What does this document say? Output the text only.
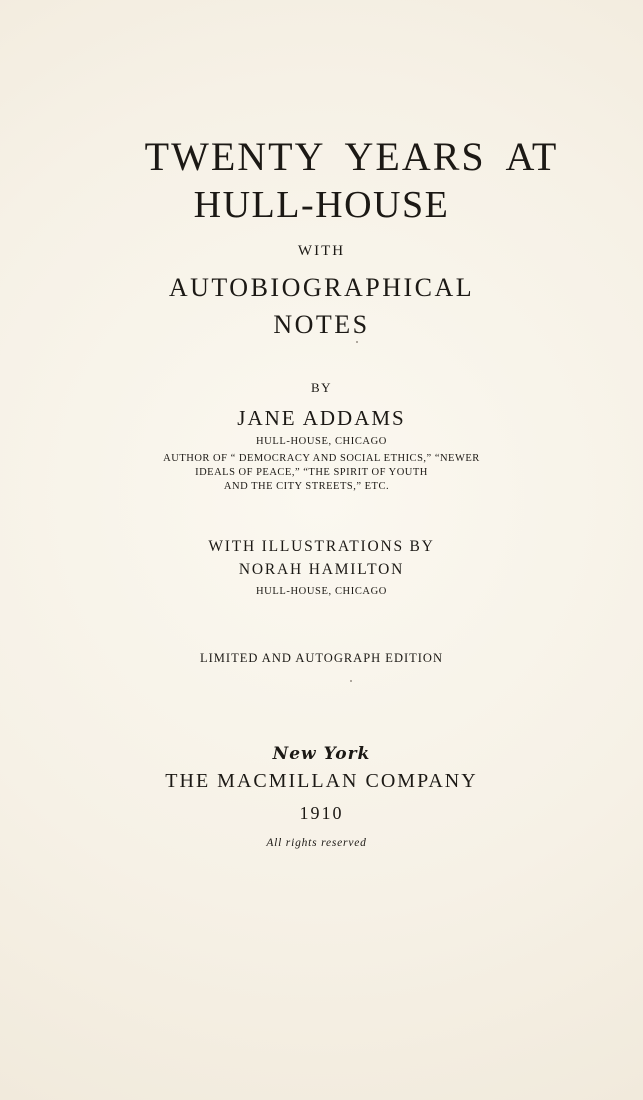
TWENTY YEARS AT
HULL-HOUSE

WITH

AUTOBIOGRAPHICAL

NOTES

BY

JANE ADDAMS

HULL-HOUSE, CHICAGO

AUTHOR OF “ DEMOCRACY AND SOCIAL ETHICS,” “NEWER

IDEALS OF PEACE,” “THE SPIRIT OF YOUTH

AND THE CITY STREETS,” ETC.

WITH ILLUSTRATIONS BY

NORAH HAMILTON

HULL-HOUSE, CHICAGO

LIMITED AND AUTOGRAPH EDITION

New York

THE MACMILLAN COMPANY

1910

All rights reserved
